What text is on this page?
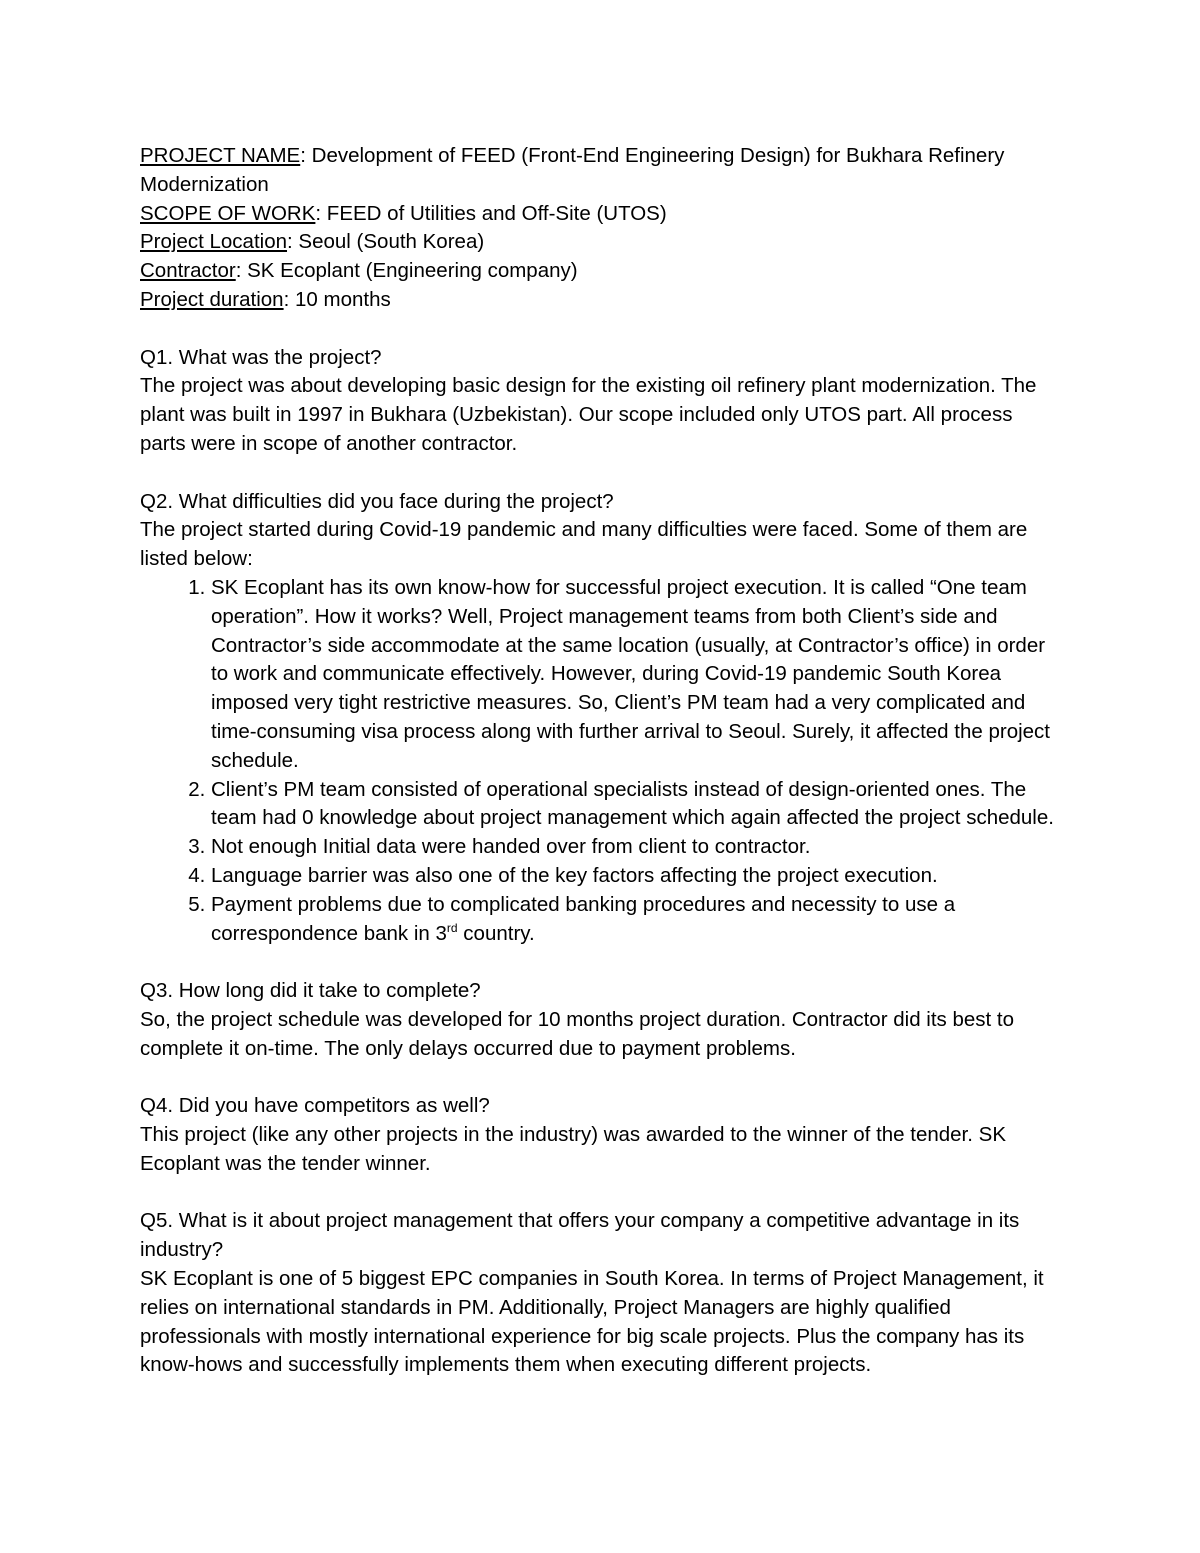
PROJECT NAME: Development of FEED (Front-End Engineering Design) for Bukhara Refinery Modernization

SCOPE OF WORK: FEED of Utilities and Off-Site (UTOS)

Project Location: Seoul (South Korea)

Contractor: SK Ecoplant (Engineering company)

Project duration: 10 months

Q1. What was the project?

The project was about developing basic design for the existing oil refinery plant modernization. The plant was built in 1997 in Bukhara (Uzbekistan). Our scope included only UTOS part. All process parts were in scope of another contractor.

Q2. What difficulties did you face during the project?

The project started during Covid-19 pandemic and many difficulties were faced. Some of them are listed below:

1. SK Ecoplant has its own know-how for successful project execution. It is called “One team operation”. How it works? Well, Project management teams from both Client’s side and Contractor’s side accommodate at the same location (usually, at Contractor’s office) in order to work and communicate effectively. However, during Covid-19 pandemic South Korea imposed very tight restrictive measures. So, Client’s PM team had a very complicated and time-consuming visa process along with further arrival to Seoul. Surely, it affected the project schedule.
2. Client’s PM team consisted of operational specialists instead of design-oriented ones. The team had 0 knowledge about project management which again affected the project schedule.
3. Not enough Initial data were handed over from client to contractor.
4. Language barrier was also one of the key factors affecting the project execution.
5. Payment problems due to complicated banking procedures and necessity to use a correspondence bank in 3rd country.

Q3. How long did it take to complete?

So, the project schedule was developed for 10 months project duration. Contractor did its best to complete it on-time. The only delays occurred due to payment problems.

Q4. Did you have competitors as well?

This project (like any other projects in the industry) was awarded to the winner of the tender. SK Ecoplant was the tender winner.

Q5. What is it about project management that offers your company a competitive advantage in its industry?

SK Ecoplant is one of 5 biggest EPC companies in South Korea. In terms of Project Management, it relies on international standards in PM. Additionally, Project Managers are highly qualified professionals with mostly international experience for big scale projects. Plus the company has its know-hows and successfully implements them when executing different projects.
